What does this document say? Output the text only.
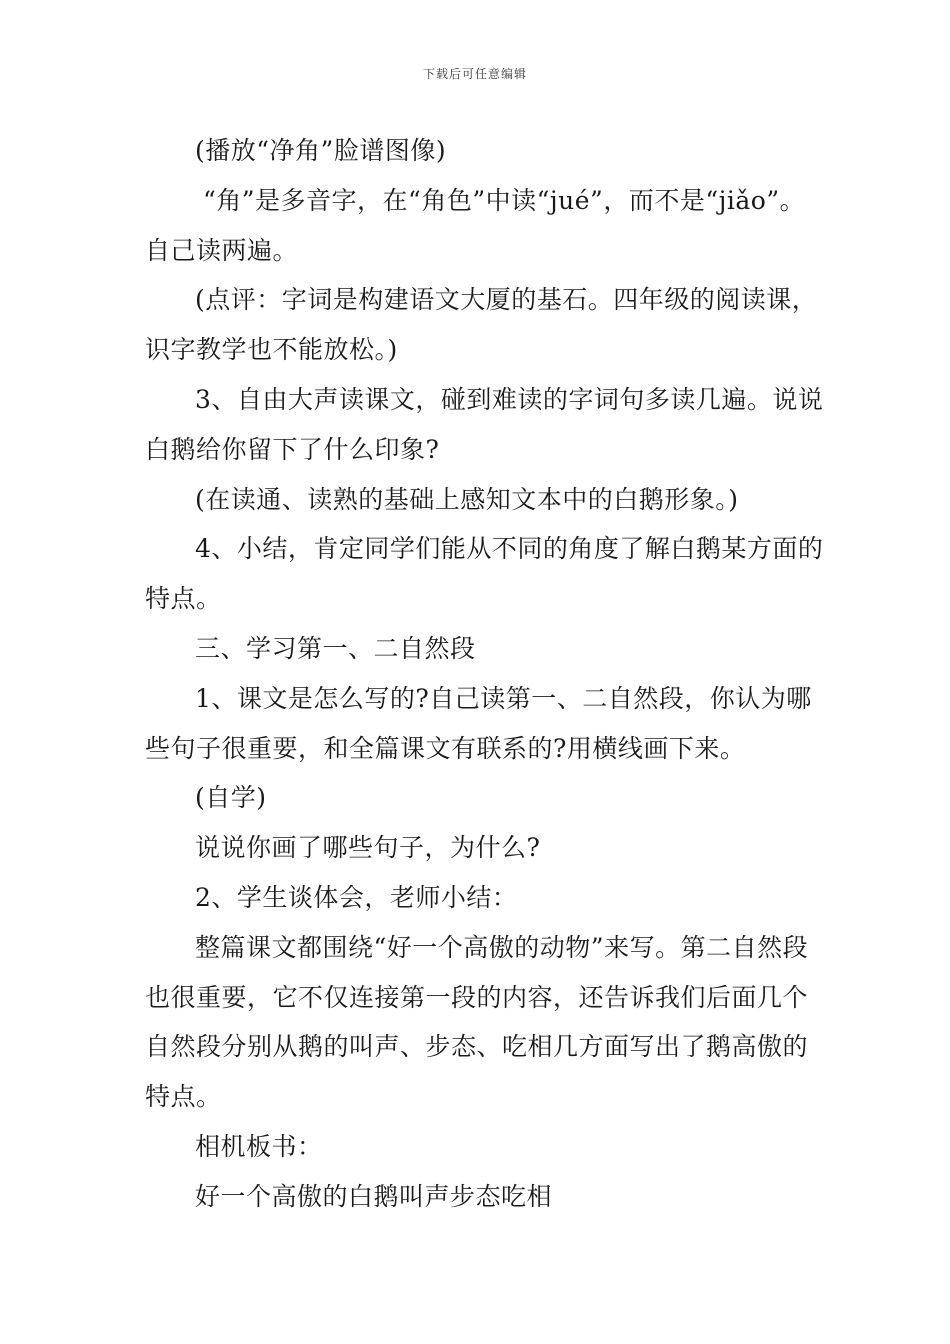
下载后可任意编辑

(播放“净角”脸谱图像)

“角”是多音字，在“角色”中读“jué”，而不是“jiǎo”。自己读两遍。

(点评：字词是构建语文大厦的基石。四年级的阅读课，识字教学也不能放松。)

3、自由大声读课文，碰到难读的字词句多读几遍。说说白鹅给你留下了什么印象?

(在读通、读熟的基础上感知文本中的白鹅形象。)

4、小结，肯定同学们能从不同的角度了解白鹅某方面的特点。

三、学习第一、二自然段

1、课文是怎么写的?自己读第一、二自然段，你认为哪些句子很重要，和全篇课文有联系的?用横线画下来。

(自学)

说说你画了哪些句子，为什么?

2、学生谈体会，老师小结：

整篇课文都围绕“好一个高傲的动物”来写。第二自然段也很重要，它不仅连接第一段的内容，还告诉我们后面几个自然段分别从鹅的叫声、步态、吃相几方面写出了鹅高傲的特点。

相机板书：

好一个高傲的白鹅叫声步态吃相
